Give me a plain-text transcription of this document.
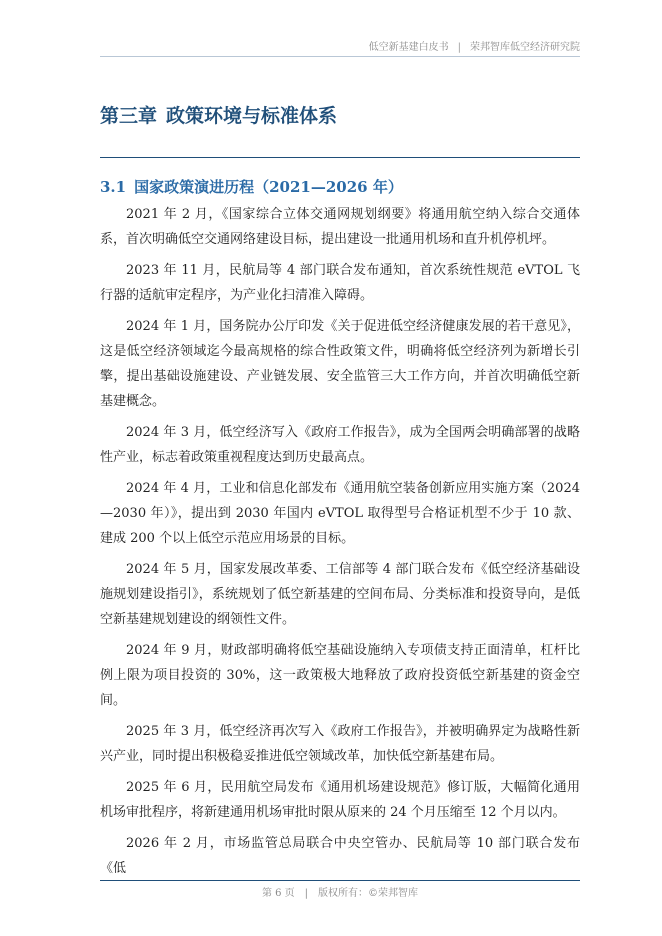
低空新基建白皮书 | 荣邦智库低空经济研究院
第三章 政策环境与标准体系
3.1 国家政策演进历程（2021—2026 年）

2021 年 2 月，《国家综合立体交通网规划纲要》将通用航空纳入综合交通体系，首次明确低空交通网络建设目标，提出建设一批通用机场和直升机停机坪。

2023 年 11 月，民航局等 4 部门联合发布通知，首次系统性规范 eVTOL 飞行器的适航审定程序，为产业化扫清准入障碍。

2024 年 1 月，国务院办公厅印发《关于促进低空经济健康发展的若干意见》，这是低空经济领域迄今最高规格的综合性政策文件，明确将低空经济列为新增长引擎，提出基础设施建设、产业链发展、安全监管三大工作方向，并首次明确低空新基建概念。

2024 年 3 月，低空经济写入《政府工作报告》，成为全国两会明确部署的战略性产业，标志着政策重视程度达到历史最高点。

2024 年 4 月，工业和信息化部发布《通用航空装备创新应用实施方案（2024—2030 年）》，提出到 2030 年国内 eVTOL 取得型号合格证机型不少于 10 款、建成 200 个以上低空示范应用场景的目标。

2024 年 5 月，国家发展改革委、工信部等 4 部门联合发布《低空经济基础设施规划建设指引》，系统规划了低空新基建的空间布局、分类标准和投资导向，是低空新基建规划建设的纲领性文件。

2024 年 9 月，财政部明确将低空基础设施纳入专项债支持正面清单，杠杆比例上限为项目投资的 30%，这一政策极大地释放了政府投资低空新基建的资金空间。

2025 年 3 月，低空经济再次写入《政府工作报告》，并被明确界定为战略性新兴产业，同时提出积极稳妥推进低空领域改革，加快低空新基建布局。

2025 年 6 月，民用航空局发布《通用机场建设规范》修订版，大幅简化通用机场审批程序，将新建通用机场审批时限从原来的 24 个月压缩至 12 个月以内。

2026 年 2 月，市场监管总局联合中央空管办、民航局等 10 部门联合发布《低

第 6 页 | 版权所有：©荣邦智库
